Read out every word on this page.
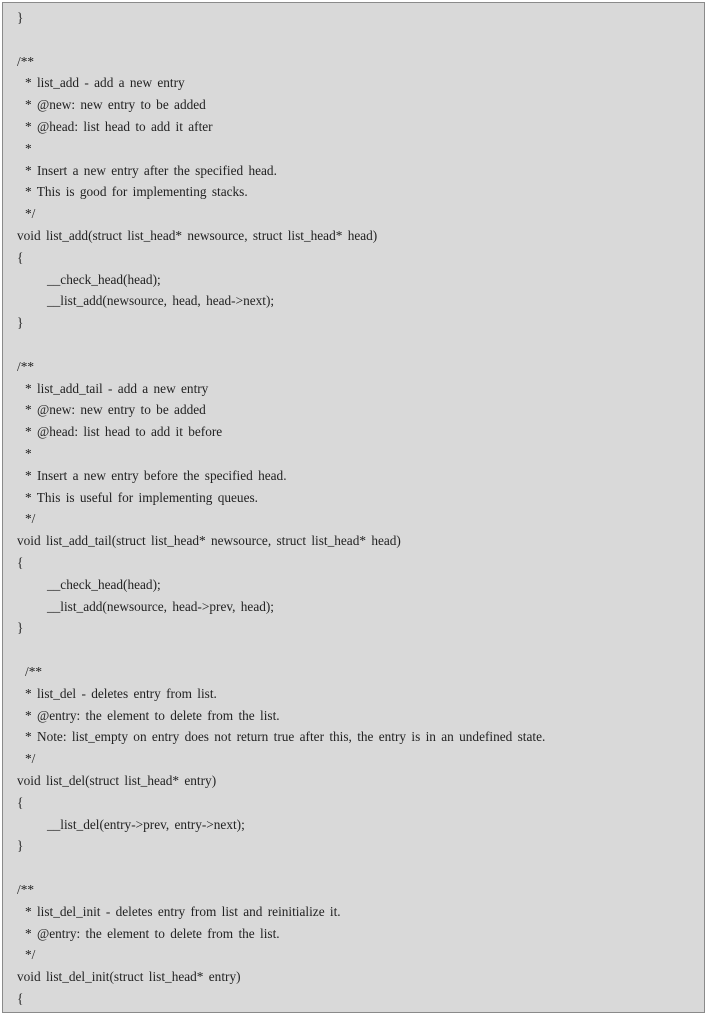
}
/**
* list_add - add a new entry
* @new: new entry to be added
* @head: list head to add it after
*
* Insert a new entry after the specified head.
* This is good for implementing stacks.
*/
void list_add(struct list_head* newsource, struct list_head* head)
{
__check_head(head);
__list_add(newsource, head, head->next);
}
/**
* list_add_tail - add a new entry
* @new: new entry to be added
* @head: list head to add it before
*
* Insert a new entry before the specified head.
* This is useful for implementing queues.
*/
void list_add_tail(struct list_head* newsource, struct list_head* head)
{
__check_head(head);
__list_add(newsource, head->prev, head);
}
/**
* list_del - deletes entry from list.
* @entry: the element to delete from the list.
* Note: list_empty on entry does not return true after this, the entry is in an undefined state.
*/
void list_del(struct list_head* entry)
{
__list_del(entry->prev, entry->next);
}
/**
* list_del_init - deletes entry from list and reinitialize it.
* @entry: the element to delete from the list.
*/
void list_del_init(struct list_head* entry)
{
